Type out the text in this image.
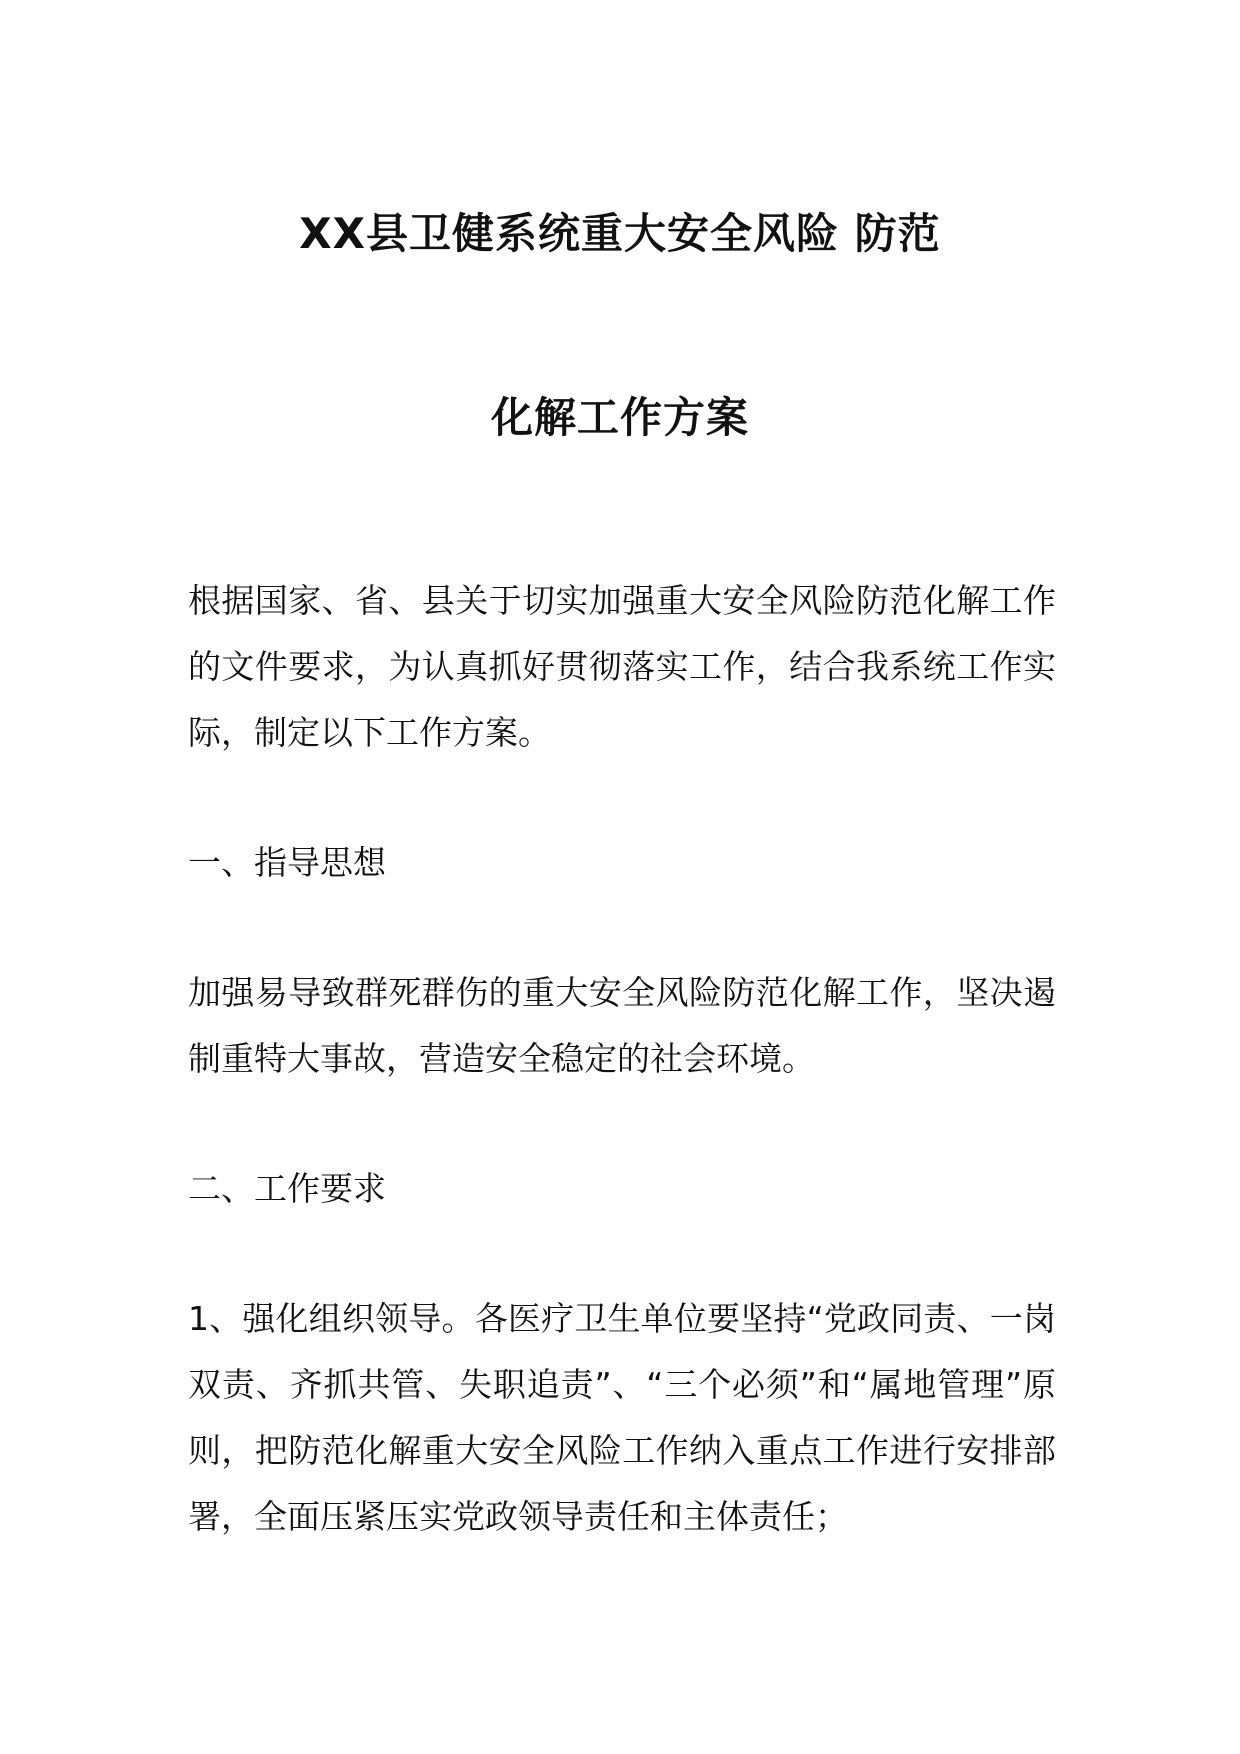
XX县卫健系统重大安全风险 防范
化解工作方案

根据国家、省、县关于切实加强重大安全风险防范化解工作的文件要求，为认真抓好贯彻落实工作，结合我系统工作实际，制定以下工作方案。

一、指导思想

加强易导致群死群伤的重大安全风险防范化解工作，坚决遏制重特大事故，营造安全稳定的社会环境。

二、工作要求

1、强化组织领导。各医疗卫生单位要坚持“党政同责、一岗双责、齐抓共管、失职追责”、“三个必须”和“属地管理”原则，把防范化解重大安全风险工作纳入重点工作进行安排部署，全面压紧压实党政领导责任和主体责任；
